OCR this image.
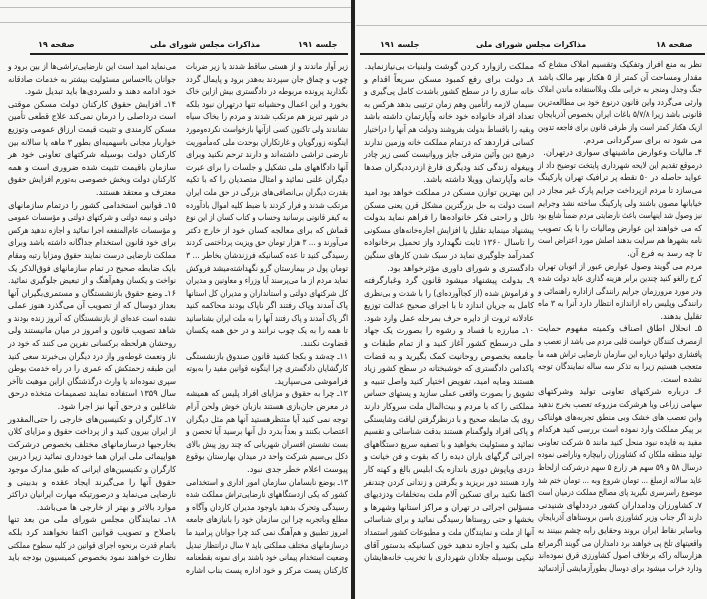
صفحه ۱۹	مذاکرات مجلس شورای ملی	جلسه ۱۹۱
زیر آوار ماندند و از هستی ساقط شدند یا زیر ضربات
چوب و چماق جان سپردند به‌هدر برود و پایمال گردد
نگذارید پرونده مربوطه در دادگستری بیش ازاین خاک
بخورد و این اعمال وحشیانه تنها درتهران نبود بلکه
در شهر تبریز هم مرتکب شدند و مردم را بخاک سیاه
نشاندند ولی تاکنون کسی ازآنها بازخواست نکرده‌ومورد
اینگونه زورگویان و غارتکاران بوحدت ملی که‌مأموریت
نارضی تراشی داشته‌اند و دارند ترحم نکنید وبرای
آنها دادگاههای ملی تشکیل و جلسات را برای عبرت
دیگران علنی نمائید و امثال متصدیان را که با تکیه
بقدرت دیگران بی‌انصافی‌های بزرگی در حق ملت ایران
مرتکب شدند و فرار کردند با ضبط کلیه اموال بادآورده
به کیفر قانونی برسانید وحساب و کتاب کسان از این نوع
قماش که برای معالجه کسان خود از خارج دکتر
می‌آورند و ... ۳ هزار تومان حق ویزیت پرداختمی کردند
رسیدگی کنید تا عده کسانیکه فرزندشان بخاطر ... ۳
تومان پول در بیمارستان گرو نگهداشته‌میشد فروکش
نماید مردم از ما می‌پرسند آیا وزراء و معاونین و مدیران
کل شرکتهای دولتی و استانداران و مدیران کل استانها
پاک آمدند وپاک رفتند اگر ناپاک بودند محاکمه کنید
اگر پاک آمدند و پاک رفتند آنها را به ملت ایران بشناسانید
تا همه را به یک چوب نرانند و در حق همه یکسان
قضاوت نکنند.
۱۱ـ چه‌شد و بکجا کشید قانون صندوق بازنشستگی
کارگشایان دادگستری چرا اینگونه قوانین مفید را به‌بوته
فراموشی می‌سپارید.
۱۲ـ چرا به حقوق و مزایای افراد پلیس که همیشه
در معرض جان‌بازی هستند بازبان خوش ولحن آرام
توجه نمی کنید آیا منتظرهستید آنها هم مثل دیگران
اعتصاب بکنند و بعداً بدرد دل آنها برسید آیا تحصن و
بست نشستن افسران شهربانی که چند روز پیش بالای
دکل بی‌سیم شرکت واحد در میدان بهارستان بوقوع
پیوست اعلام خطر جدی نبود.
۱۳ـ بوضع نابسامان سازمان امور اداری و استخدامی
کشور که یکی ازدستگاههای نارضایی‌تراش مملکت شده
رسیدگی وتحرک بدهید باوجود مدیران کاردان وآگاه و
مطلع وباتجربه چرا این سازمان خود را بانیازهای جامعه
امروز تطبیق و هم‌آهنگ نمی کند چرا جوانان پرامید ما
درسازمانهای مختلف مملکتی باید ۷ سال درانتظار تبدیل
وضعیت استخدام پیمانی خود باشند برای نمونه بقطعنامه
کارکنان پست مرکز و خود اداره پست بناب اشاره
می‌نماید امید است این نارضایی‌تراشی‌ها از بین برود و
جوانان بااحساس مسئولیت بیشتر به خدمات صادقانه
خود ادامه دهند و دلسردی‌ها باید تبدیل شود.
۱۴ـ افزایش حقوق کارکنان دولت مسکن موقتی
است درداصلی را درمان نمی‌کند علاج قطعی تأمین
مسکن کارمندی و تثبیت قیمت ارزاق عمومی وتوزیع
خواربار مجانی باسهمیه‌ای بطور ۳ ماهه یا سالانه بین
کارکنان دولت بوسیله شرکتهای تعاونی خود هر
سازمان باقیمت تثبیت شده ضروری است و همه
کارکنان دولت وبخش خصوصی به‌تورم افزایش حقوق
معترف و معتقد هستند.
۱۵ـ قوانین استخدامی کشور را درتمام سازمانهای
دولتی و نیمه دولتی و شرکتهای دولتی و مؤسسات عمومی
و مؤسسات عام‌المنفعه اجرا نمائید و اجازه ندهید هرکس
برای خود قانون استخدام جداگانه داشته باشد وبرای
مملکت نارضایی درست نمایند حقوق ومزایا رتبه ومقام
بایک ضابطه صحیح در تمام سازمانهای فوق‌الذکر یک
نواخت و یکسان وهم‌آهنگ و از تبعیض جلوگیری نمائید.
۱۶ـ وضع حقوق بازنشستگان و مستمری‌بگیران آنها
بعداز دوسال که از تصویب آن می‌گذرد هنوز عملی
نشده است عده‌ای از بازنشستگان که آنروز زنده بودند و
شاهد تصویب قانون و امروز در میان مانیستند ولی
روحشان هرلحظه برکسانی نفرین می کنند که خود در
ناز ونعمت غوطه‌ور واز درد دیگران بی‌خبرند سعی کنید
این طبقه زحمتکش که عمری را در راه خدمت بوطن
سپری نموده‌اند یا وارث درگذشتگان ازاین موهبت تاآخر
سال ۱۳۵۹ استفاده نمایند تصمیمات متخذه درحق
شاغلین و درحق آنها نیز اجرا شود.
۱۷ـ کارگران و تکنیسین‌های خارجی را حتی‌المقدور
از ایران بیرون کنید و از پرداخت حقوق و مزایای کلان
بخارجیها درسازمانهای مختلف بخصوص درشرکت
هواپیمائی ملی ایران هما خودداری نمائید زیرا دربین
کارگران و تکنیسین‌های ایرانی که طبق مدارک موجود
حقوق آنها را می‌گیرند ایجاد عقده و بدبینی و
نارضایی می‌نماید و درصورتیکه مهارت ایرانیان دراکثر
موارد بالاتر و بهتر از خارجی ها می‌باشد.
۱۸ـ نمایندگان مجلس شورای ملی من بعد تنها
باصلاح و تصویب قوانین اکتفا نخواهند کرد بلکه
باتمام قدرت برنحوه اجرای قوانین در کلیه سطوح مملکتی
نظارت خواهند نمود بخصوص کمیسیون بودجه باید
جلسه ۱۹۱	مذاکرات مجلس شورای ملی	صفحه ۱۸
نظر به منع افراز وتفکیک وتقسیم املاک مشاع که
مقدار ومساحت آن کمتر از ۵ هکتار بهر مالک باشد
جنگ وجدل ومنجر به خرابی ملک وبلااستفاده ماندن املاک
وارثی می‌گردد واین قانون درنوع خود بی مطالعه‌ترین
قانونی باشد زیرا ۵/۷/۸ باغات ایران بخصوص آذربایجان
ازیک هکتار کمتر است واز طرفی قانون برای فاجعه تدوین
می شود نه برای سرگردانی مردم.
۴ـ مالیات وعوارض ماشینهای سواری درتهران.
درموقع تقدیم این لایحه شهرداری پایتخت توضیح داد از
عواید حاصله در ۵۰ نقطه پر ترافیک تهران پارکینگ
می‌سازد تا مردم ازپرداخت جرایم پارک غیر مجاز در
خیابانها مصون باشند ولی پارکینگ ساخته نشد وجرایم
نیز وصول شد اینهاست باعث نارضایتی مردم ضمناً شایع بود
که می خواهند این عوارض ومالیات را با یک تصویب
نامه بشهرها هم سرایت بدهند اصلش مورد اعتراض است
تا چه رسد به فرع آن.
مردم می گویند وصول عوارض عبور از اتوبان تهران
کرج رالغو کنید چندین برابر هزینه گذاری عاید دولت شده
ودر مورد مرورزمان جرایم رانندگی ازاداره راهنمائی و
رانندگی وپلیس راه ازاندازه انتظار دارد آنرا به ۳ ماه
تقلیل بدهند.
۵ـ انحلال اطاق اصناف وکمیته مفهوم حمایت
ازمصرف کنندگان خواست قلبی مردم می باشد از تعصب و
پافشاری دولتها درباره این سازمان نارضایی تراش همه ما
متعجب هستیم زیرا به تذکر سه ساله نمایندگان توجه
نشده است.
۶ـ درباره شرکتهای تعاونی تولید وشرکتهای
سهامی زراعی ویا هرشرکت مزروعه تعصب بخرج ندهید
واین تعصب های خشک وبی منطق تجربه‌های هولناکی
بر پیکر مملکت وارد نموده است بررسی کنید هرکدام
مفید به فایده نبود منحل کنید مانند ۵ شرکت تعاونی
تولید منطقه ملکان که کشاورزان رابیچاره وناراضی نموده
درسال ۵۸ و ۵۹ سهم هر زارع ۵ سهم درشرکت ازلحاظ
عاید سالانه ازمبلغ ... تومان شروع وبه ... تومان ختم شد
موضوع راسرسری نگیرید پای مصالح مملکت درمیان است
۷ـ کشاورزان ودامداران کشور درددلهای شنیدنی
دارند اگر جناب وزیر کشاورزی باسن بروستاهای آذربایجان
وباسایر نقاط ایران بروند وحقایق رابه چشم ببینند به
واقعیتهای تلخ پی خواهند برد دامداران می گویند اگرمراتع
هزارساله راکه برخلاف اصول کشاورزی قرق نموده‌اند
ودارد خراب میشود برای دوسال بطورآزمایشی آزادنمائید
مملکت رازوارد کردن گوشت ولبنیات بی‌نیازنماید.
۸ـ دولت برای رفع کمبود مسکن سریعاً اقدام و
خانه سازی را در سطح کشور باشدت کامل پی‌گیری و
سیمان لازمه راتأمین وهم زمان ترتیبی بدهد هرکس به
تعداد افراد خانواده خود خانه وآپارتمان داشته باشد
وبقیه را باقساط بدولت بفروشند ودولت هم آنها را دراختیار
کسانی قراردهد که درتمام مملکت خانه وزمین ندارند
درهیچ دین وآئین مترقی جایز وروانیست کسی زیر چادر
وبیغوله زندگی کند ودیگری فارغ ازدرددیگران صدها
خانه وآپارتمان وویلا داشته باشد.
این بهترین توازن مسکن در مملکت خواهد بود امید
است دولت به حل بزرگترین مشکل قرن یعنی مسکن
نائل و راحتی فکر خانواده‌ها را فراهم نماید بدولت
پیشنهاد مینماید تقلیل یا افزایش اجاره‌خانه‌های مسکونی
را تاسال ۱۳۶۰ ثابت نگهدارد واز تحمیل برخانواده
کمدرآمد جلوگیری نماید در سبک شدن کارهای سنگین
دادگستری و شورای داوری مؤثرخواهد بود.
۹ـ بدولت پیشنهاد میشود قانون گرد وغبارگرفته
و فراموش شده (از کجاآورده‌ای) را با شدت و بی‌نظری
کامل به جریان اندازد تا با اجرای صحیح عدالت توزیع
عادلانه ثروت از دایره حرف بمرحله عمل وارد شود.
۱۰ـ مبارزه با فساد و رشوه را بصورت یک جهاد
ملی درسطح کشور آغاز کنید و از تمام طبقات و
جامعه بخصوص روحانیت کمک بگیرید و به قضات
پاکدامن دادگستری که خوشبختانه در سطح کشور زیاد
هستند ومایه امید، تفویض اختیار کنید واصل تنبیه و
تشویق را بصورت واقعی عملی سازید و پستهای حساس
مملکتی را که با مردم و بیت‌المال ملت سروکار دارند
روی یک ضابطه صحیح و با درنظرگرفتن لیاقت وشایستگی
و پاکی افراد ولوگمنام هستند بدقت شناسائی و تقسیم
نمائید و مسئولیت بخواهید و با تصفیه سریع دستگاههای
اجرائی گرگهای باران دیده را که بقوت و فن خیانت و
دزدی ویاپوش دوزی باندازه یک ابلیس بالغ و کهنه کار
وارد هستند دور بریزید و بگرفتن و زندانی کردن چندنفر
اکتفا نکنید برای تسکین آلام ملت به‌تخلفات ودزدیهای
مسؤلین اجرائی در تهران و مراکز استانها وشهرها و
بخشها و حتی روستاها رسیدگی نمائید و برای شناسائی
آنها از ملت و نمایندگان ملت و مطبوعات کشور استمداد
ملی بکنید و اجازه ندهید خون کسانیکه بدستور آقای
نیکپی بوسیله جلادان شهرداری با تخریب خانه‌هایشان
